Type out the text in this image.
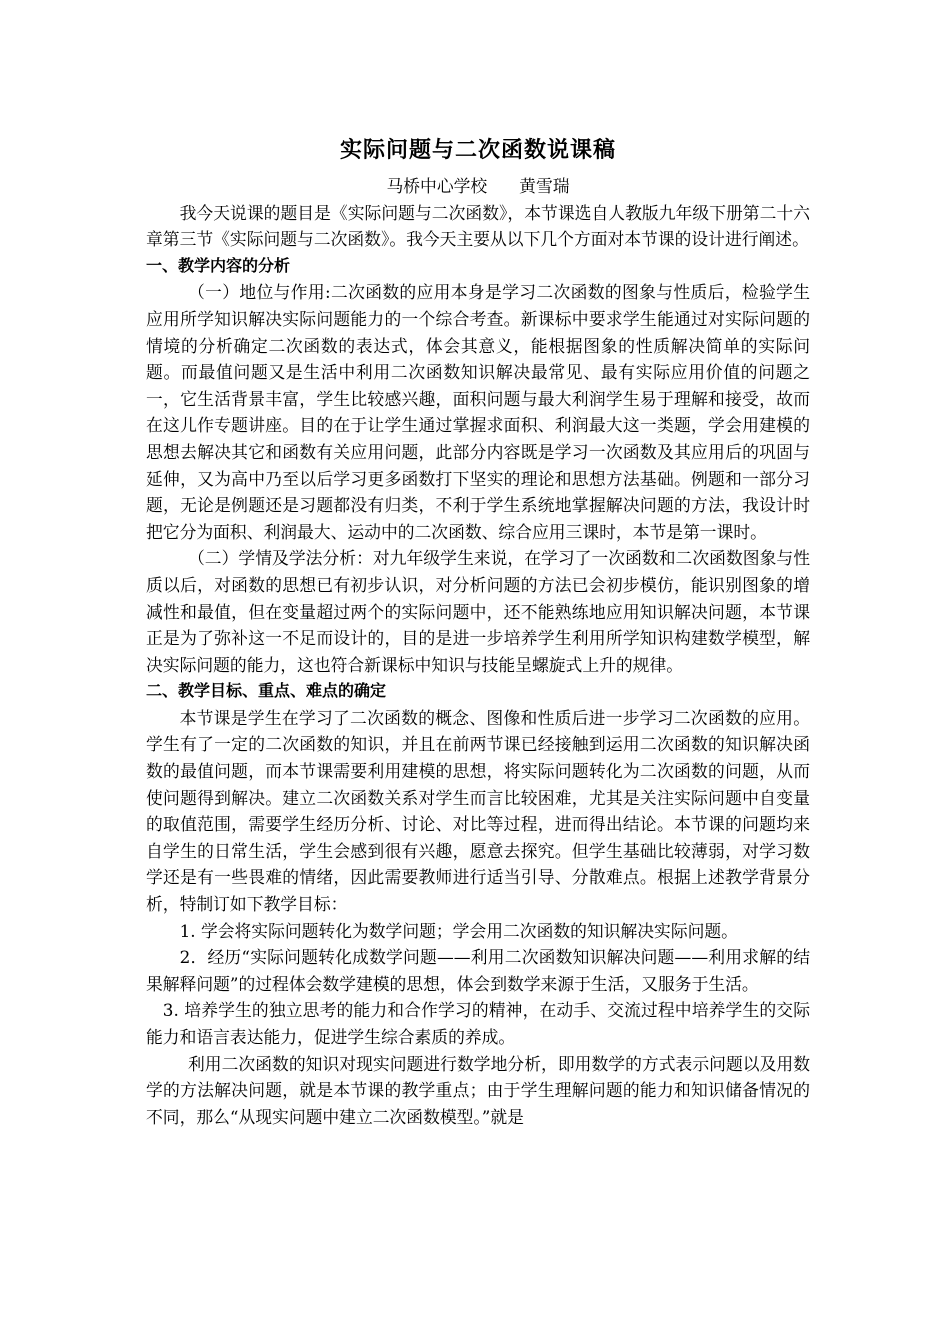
实际问题与二次函数说课稿

马桥中心学校      黄雪瑞

我今天说课的题目是《实际问题与二次函数》，本节课选自人教版九年级下册第二十六章第三节《实际问题与二次函数》。我今天主要从以下几个方面对本节课的设计进行阐述。

一、教学内容的分析

（一）地位与作用:二次函数的应用本身是学习二次函数的图象与性质后，检验学生应用所学知识解决实际问题能力的一个综合考查。新课标中要求学生能通过对实际问题的情境的分析确定二次函数的表达式，体会其意义，能根据图象的性质解决简单的实际问题。而最值问题又是生活中利用二次函数知识解决最常见、最有实际应用价值的问题之一，它生活背景丰富，学生比较感兴趣，面积问题与最大利润学生易于理解和接受，故而在这儿作专题讲座。目的在于让学生通过掌握求面积、利润最大这一类题，学会用建模的思想去解决其它和函数有关应用问题，此部分内容既是学习一次函数及其应用后的巩固与延伸，又为高中乃至以后学习更多函数打下坚实的理论和思想方法基础。例题和一部分习题，无论是例题还是习题都没有归类，不利于学生系统地掌握解决问题的方法，我设计时把它分为面积、利润最大、运动中的二次函数、综合应用三课时，本节是第一课时。

（二）学情及学法分析：对九年级学生来说，在学习了一次函数和二次函数图象与性质以后，对函数的思想已有初步认识，对分析问题的方法已会初步模仿，能识别图象的增减性和最值，但在变量超过两个的实际问题中，还不能熟练地应用知识解决问题，本节课正是为了弥补这一不足而设计的，目的是进一步培养学生利用所学知识构建数学模型，解决实际问题的能力，这也符合新课标中知识与技能呈螺旋式上升的规律。

二、教学目标、重点、难点的确定

本节课是学生在学习了二次函数的概念、图像和性质后进一步学习二次函数的应用。学生有了一定的二次函数的知识，并且在前两节课已经接触到运用二次函数的知识解决函数的最值问题，而本节课需要利用建模的思想，将实际问题转化为二次函数的问题，从而使问题得到解决。建立二次函数关系对学生而言比较困难，尤其是关注实际问题中自变量的取值范围，需要学生经历分析、讨论、对比等过程，进而得出结论。本节课的问题均来自学生的日常生活，学生会感到很有兴趣，愿意去探究。但学生基础比较薄弱，对学习数学还是有一些畏难的情绪，因此需要教师进行适当引导、分散难点。根据上述教学背景分析，特制订如下教学目标：

1. 学会将实际问题转化为数学问题；学会用二次函数的知识解决实际问题。

2．经历“实际问题转化成数学问题——利用二次函数知识解决问题——利用求解的结果解释问题”的过程体会数学建模的思想，体会到数学来源于生活，又服务于生活。

3. 培养学生的独立思考的能力和合作学习的精神，在动手、交流过程中培养学生的交际能力和语言表达能力，促进学生综合素质的养成。

利用二次函数的知识对现实问题进行数学地分析，即用数学的方式表示问题以及用数学的方法解决问题，就是本节课的教学重点；由于学生理解问题的能力和知识储备情况的不同，那么“从现实问题中建立二次函数模型。”就是
